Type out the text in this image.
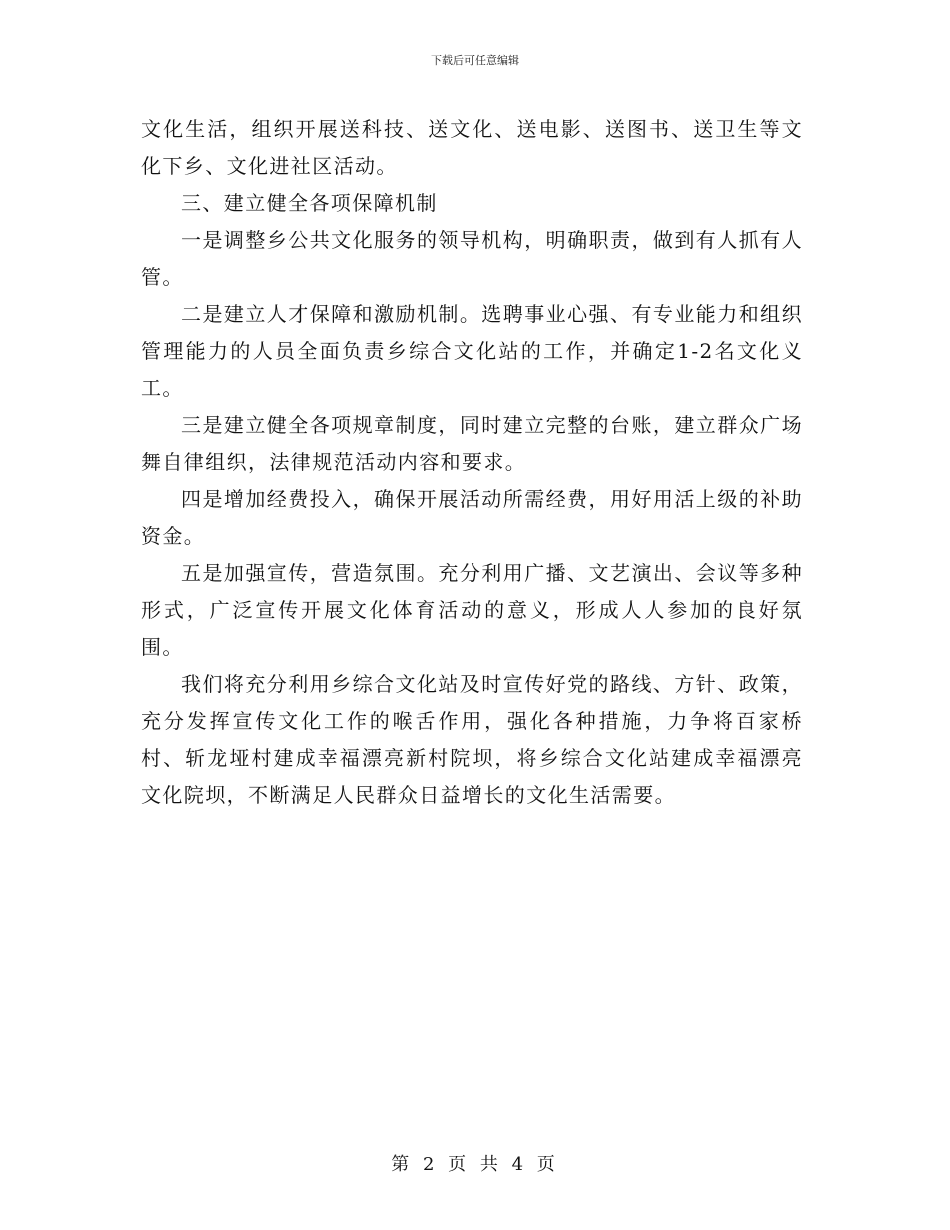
下载后可任意编辑

文化生活，组织开展送科技、送文化、送电影、送图书、送卫生等文化下乡、文化进社区活动。

三、建立健全各项保障机制

一是调整乡公共文化服务的领导机构，明确职责，做到有人抓有人管。

二是建立人才保障和激励机制。选聘事业心强、有专业能力和组织管理能力的人员全面负责乡综合文化站的工作，并确定1-2名文化义工。

三是建立健全各项规章制度，同时建立完整的台账，建立群众广场舞自律组织，法律规范活动内容和要求。

四是增加经费投入，确保开展活动所需经费，用好用活上级的补助资金。

五是加强宣传，营造氛围。充分利用广播、文艺演出、会议等多种形式，广泛宣传开展文化体育活动的意义，形成人人参加的良好氛围。

我们将充分利用乡综合文化站及时宣传好党的路线、方针、政策，充分发挥宣传文化工作的喉舌作用，强化各种措施，力争将百家桥村、斩龙垭村建成幸福漂亮新村院坝，将乡综合文化站建成幸福漂亮文化院坝，不断满足人民群众日益增长的文化生活需要。

第 2 页 共 4 页
